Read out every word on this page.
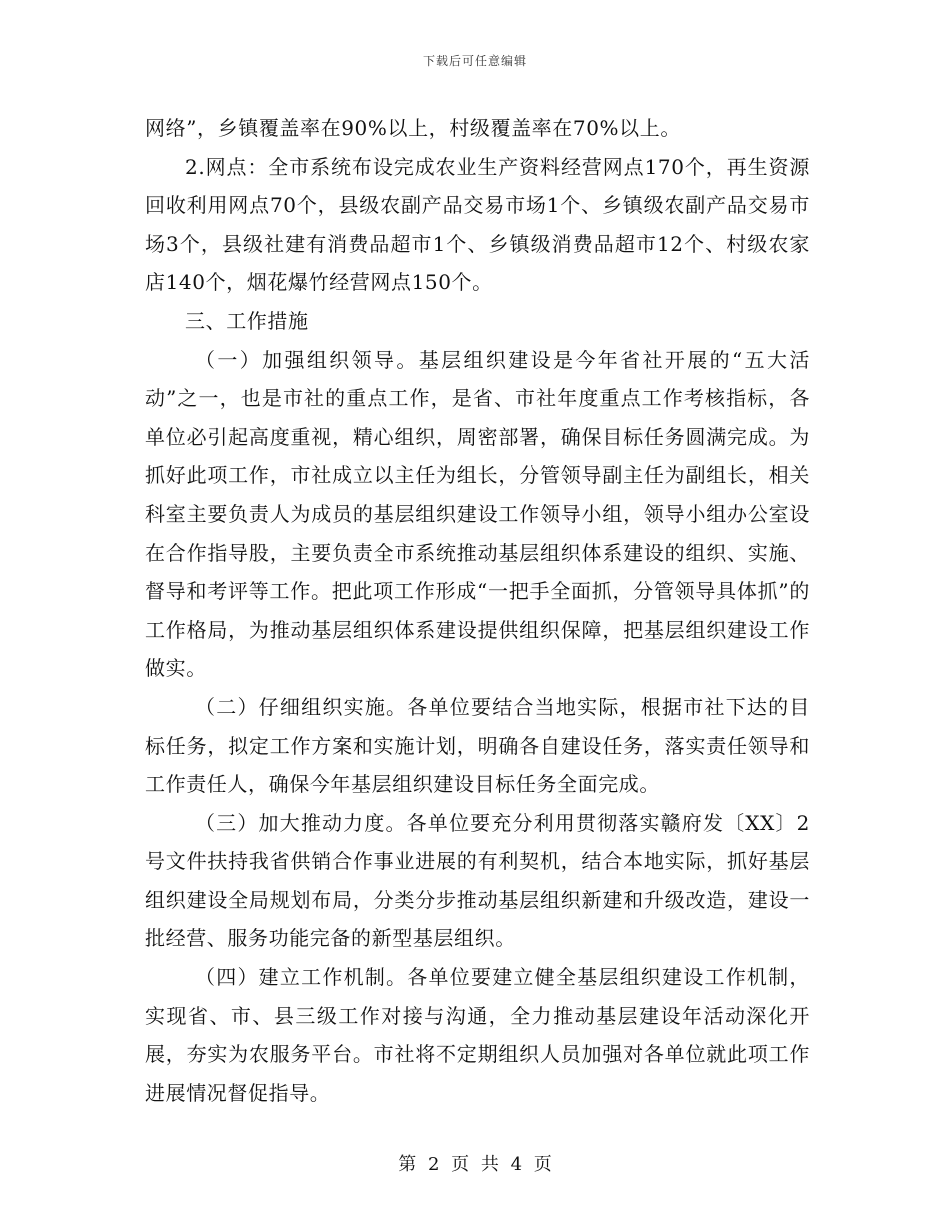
下载后可任意编辑

网络”，乡镇覆盖率在90%以上，村级覆盖率在70%以上。

2.网点：全市系统布设完成农业生产资料经营网点170个，再生资源回收利用网点70个，县级农副产品交易市场1个、乡镇级农副产品交易市场3个，县级社建有消费品超市1个、乡镇级消费品超市12个、村级农家店140个，烟花爆竹经营网点150个。

三、工作措施

（一）加强组织领导。基层组织建设是今年省社开展的“五大活动”之一，也是市社的重点工作，是省、市社年度重点工作考核指标，各单位必引起高度重视，精心组织，周密部署，确保目标任务圆满完成。为抓好此项工作，市社成立以主任为组长，分管领导副主任为副组长，相关科室主要负责人为成员的基层组织建设工作领导小组，领导小组办公室设在合作指导股，主要负责全市系统推动基层组织体系建设的组织、实施、督导和考评等工作。把此项工作形成“一把手全面抓，分管领导具体抓”的工作格局，为推动基层组织体系建设提供组织保障，把基层组织建设工作做实。

（二）仔细组织实施。各单位要结合当地实际，根据市社下达的目标任务，拟定工作方案和实施计划，明确各自建设任务，落实责任领导和工作责任人，确保今年基层组织建设目标任务全面完成。

（三）加大推动力度。各单位要充分利用贯彻落实赣府发〔XX〕2号文件扶持我省供销合作事业进展的有利契机，结合本地实际，抓好基层组织建设全局规划布局，分类分步推动基层组织新建和升级改造，建设一批经营、服务功能完备的新型基层组织。

（四）建立工作机制。各单位要建立健全基层组织建设工作机制，实现省、市、县三级工作对接与沟通，全力推动基层建设年活动深化开展，夯实为农服务平台。市社将不定期组织人员加强对各单位就此项工作进展情况督促指导。

第 2 页 共 4 页
